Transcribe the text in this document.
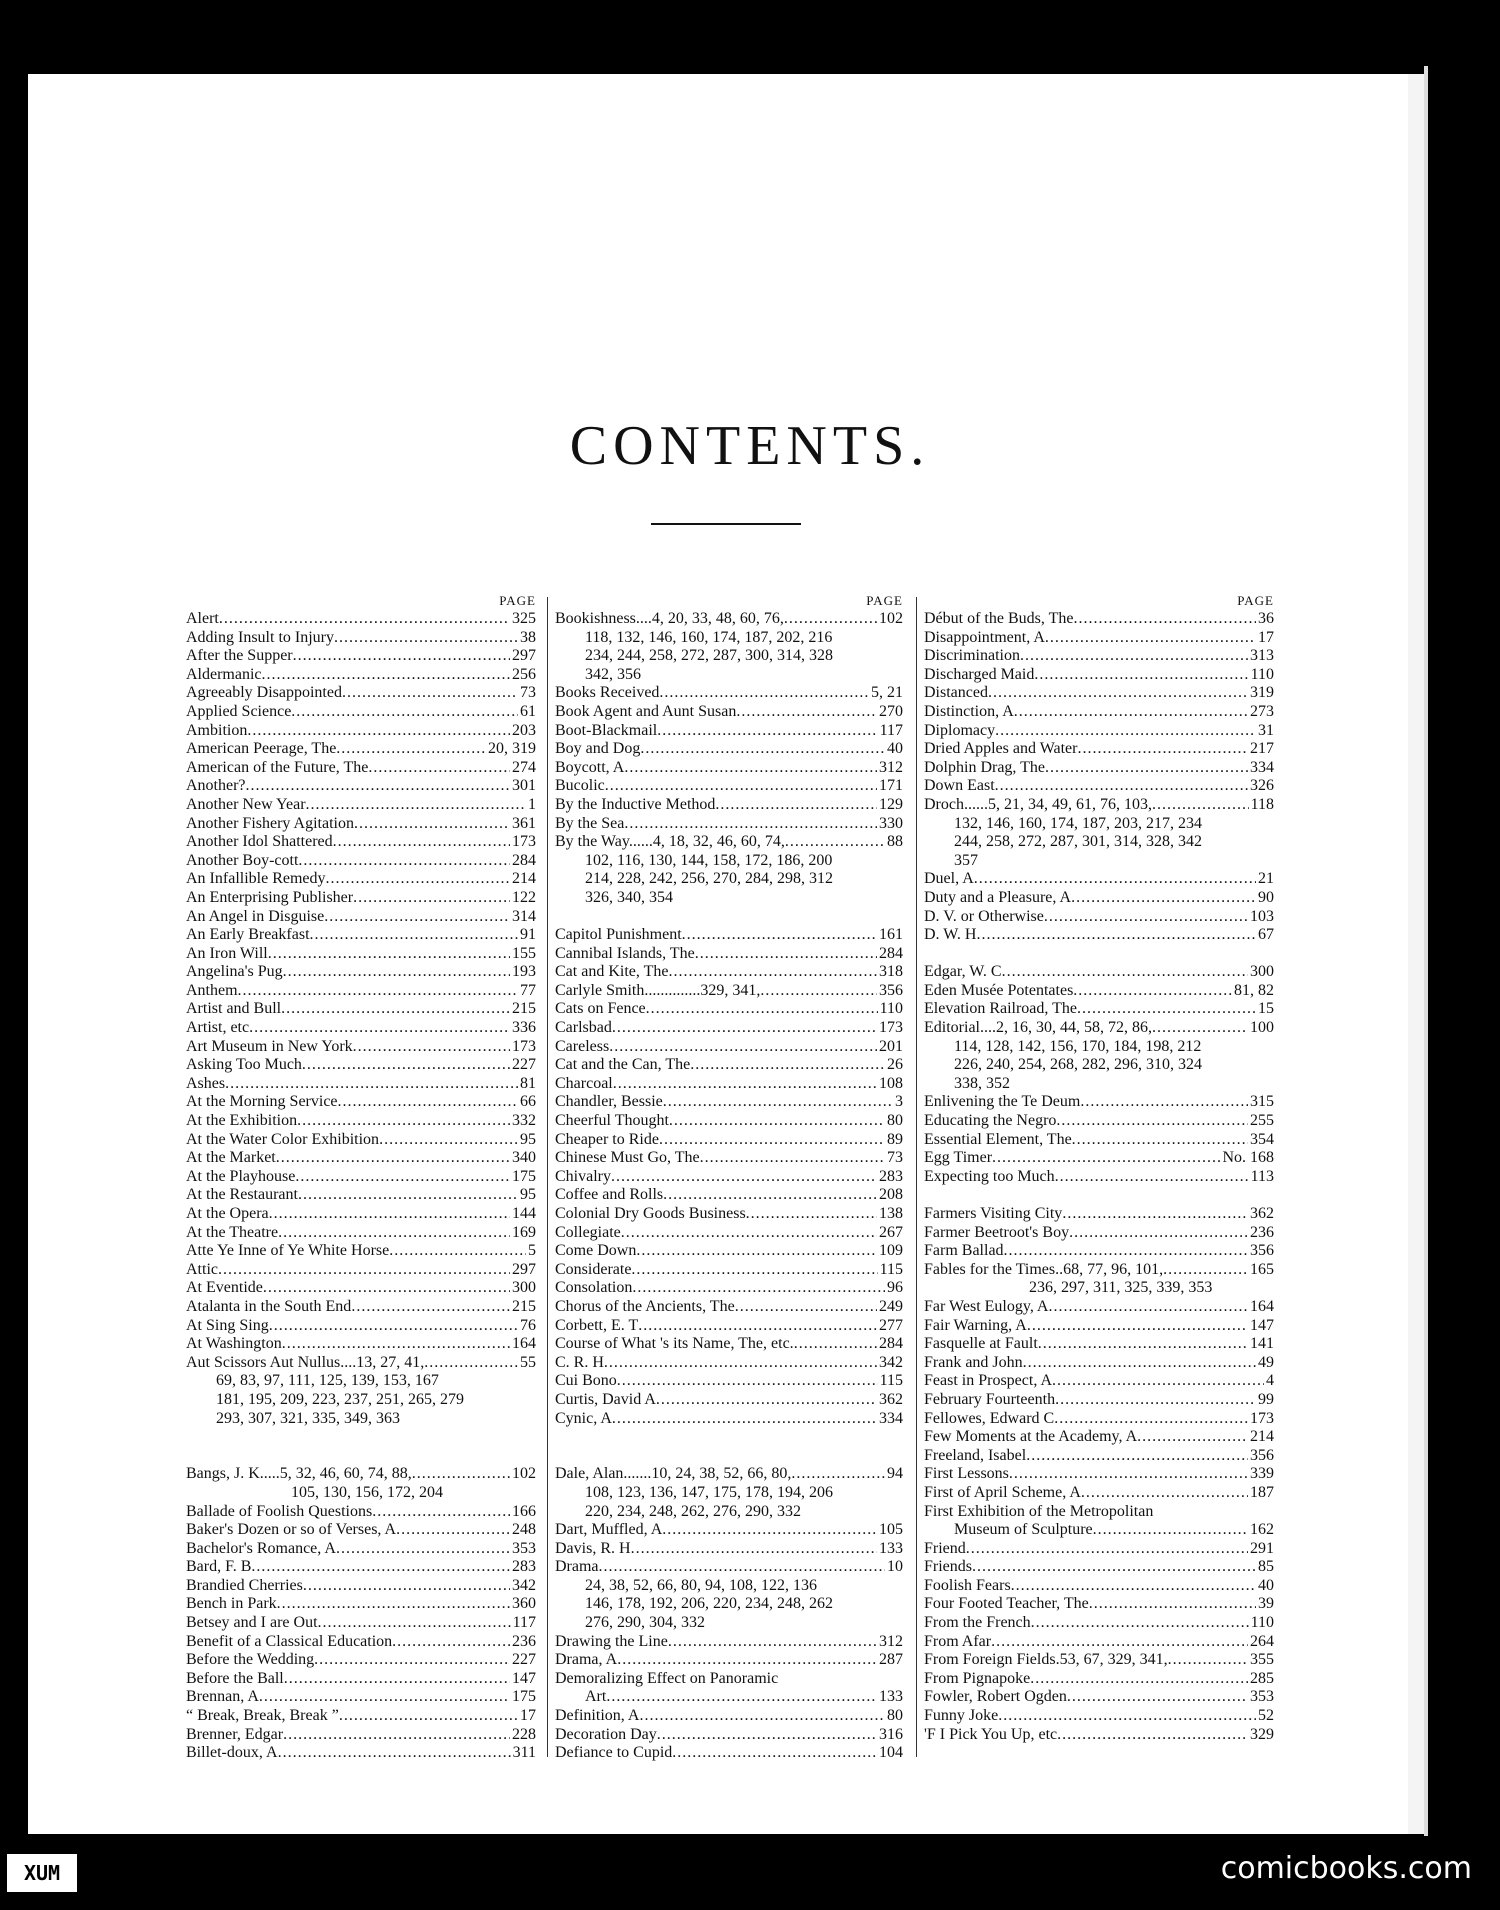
CONTENTS.
PAGE
Alert .....	325
Adding Insult to Injury .....	38
After the Supper .....	297
Aldermanic .....	256
Agreeably Disappointed .....	73
Applied Science .....	61
Ambition .....	203
American Peerage, The .....	20, 319
American of the Future, The .....	274
Another? .....	301
Another New Year .....	1
Another Fishery Agitation .....	361
Another Idol Shattered .....	173
Another Boy-cott .....	284
An Infallible Remedy .....	214
An Enterprising Publisher .....	122
An Angel in Disguise .....	314
An Early Breakfast .....	91
An Iron Will .....	155
Angelina's Pug .....	193
Anthem .....	77
Artist and Bull .....	215
Artist, etc .....	336
Art Museum in New York .....	173
Asking Too Much .....	227
Ashes .....	81
At the Morning Service .....	66
At the Exhibition .....	332
At the Water Color Exhibition .....	95
At the Market .....	340
At the Playhouse .....	175
At the Restaurant .....	95
At the Opera .....	144
At the Theatre .....	169
Atte Ye Inne of Ye White Horse .....	5
Attic .....	297
At Eventide .....	300
Atalanta in the South End .....	215
At Sing Sing .....	76
At Washington .....	164
Aut Scissors Aut Nullus....13, 27, 41, .....	55
69, 83, 97, 111, 125, 139, 153, 167
181, 195, 209, 223, 237, 251, 265, 279
293, 307, 321, 335, 349, 363
Bangs, J. K.....5, 32, 46, 60, 74, 88, .....	102
105, 130, 156, 172, 204
Ballade of Foolish Questions .....	166
Baker's Dozen or so of Verses, A .....	248
Bachelor's Romance, A .....	353
Bard, F. B .....	283
Brandied Cherries .....	342
Bench in Park .....	360
Betsey and I are Out .....	117
Benefit of a Classical Education .....	236
Before the Wedding .....	227
Before the Ball .....	147
Brennan, A .....	175
“ Break, Break, Break ” .....	17
Brenner, Edgar .....	228
Billet-doux, A .....	311
PAGE
Bookishness....4, 20, 33, 48, 60, 76, .....	102
118, 132, 146, 160, 174, 187, 202, 216
234, 244, 258, 272, 287, 300, 314, 328
342, 356
Books Received .....	5, 21
Book Agent and Aunt Susan .....	270
Boot-Blackmail .....	117
Boy and Dog .....	40
Boycott, A .....	312
Bucolic .....	171
By the Inductive Method .....	129
By the Sea .....	330
By the Way......4, 18, 32, 46, 60, 74, .....	88
102, 116, 130, 144, 158, 172, 186, 200
214, 228, 242, 256, 270, 284, 298, 312
326, 340, 354
Capitol Punishment .....	161
Cannibal Islands, The .....	284
Cat and Kite, The .....	318
Carlyle Smith..............329, 341, .....	356
Cats on Fence .....	110
Carlsbad .....	173
Careless .....	201
Cat and the Can, The .....	26
Charcoal .....	108
Chandler, Bessie .....	3
Cheerful Thought .....	80
Cheaper to Ride .....	89
Chinese Must Go, The .....	73
Chivalry .....	283
Coffee and Rolls .....	208
Colonial Dry Goods Business .....	138
Collegiate .....	267
Come Down .....	109
Considerate .....	115
Consolation .....	96
Chorus of the Ancients, The .....	249
Corbett, E. T .....	277
Course of What 's its Name, The, etc. .....	284
C. R. H .....	342
Cui Bono .....	115
Curtis, David A .....	362
Cynic, A .....	334
Dale, Alan.......10, 24, 38, 52, 66, 80, .....	94
108, 123, 136, 147, 175, 178, 194, 206
220, 234, 248, 262, 276, 290, 332
Dart, Muffled, A .....	105
Davis, R. H .....	133
Drama .....	10
24, 38, 52, 66, 80, 94, 108, 122, 136
146, 178, 192, 206, 220, 234, 248, 262
276, 290, 304, 332
Drawing the Line .....	312
Drama, A .....	287
Demoralizing Effect on Panoramic
Art .....	133
Definition, A .....	80
Decoration Day .....	316
Defiance to Cupid .....	104
PAGE
Début of the Buds, The .....	36
Disappointment, A .....	17
Discrimination .....	313
Discharged Maid .....	110
Distanced .....	319
Distinction, A .....	273
Diplomacy .....	31
Dried Apples and Water .....	217
Dolphin Drag, The .....	334
Down East .....	326
Droch......5, 21, 34, 49, 61, 76, 103, .....	118
132, 146, 160, 174, 187, 203, 217, 234
244, 258, 272, 287, 301, 314, 328, 342
357
Duel, A .....	21
Duty and a Pleasure, A .....	90
D. V. or Otherwise .....	103
D. W. H .....	67
Edgar, W. C .....	300
Eden Musée Potentates .....	81, 82
Elevation Railroad, The .....	15
Editorial....2, 16, 30, 44, 58, 72, 86, .....	100
114, 128, 142, 156, 170, 184, 198, 212
226, 240, 254, 268, 282, 296, 310, 324
338, 352
Enlivening the Te Deum .....	315
Educating the Negro .....	255
Essential Element, The .....	354
Egg Timer .....	No. 168
Expecting too Much .....	113
Farmers Visiting City .....	362
Farmer Beetroot's Boy .....	236
Farm Ballad .....	356
Fables for the Times..68, 77, 96, 101, .....	165
236, 297, 311, 325, 339, 353
Far West Eulogy, A .....	164
Fair Warning, A .....	147
Fasquelle at Fault .....	141
Frank and John .....	49
Feast in Prospect, A .....	4
February Fourteenth .....	99
Fellowes, Edward C .....	173
Few Moments at the Academy, A .....	214
Freeland, Isabel .....	356
First Lessons .....	339
First of April Scheme, A .....	187
First Exhibition of the Metropolitan
Museum of Sculpture .....	162
Friend .....	291
Friends .....	85
Foolish Fears .....	40
Four Footed Teacher, The .....	39
From the French .....	110
From Afar .....	264
From Foreign Fields.53, 67, 329, 341, .....	355
From Pignapoke .....	285
Fowler, Robert Ogden .....	353
Funny Joke .....	52
'F I Pick You Up, etc .....	329
XUM	comicbooks.com
